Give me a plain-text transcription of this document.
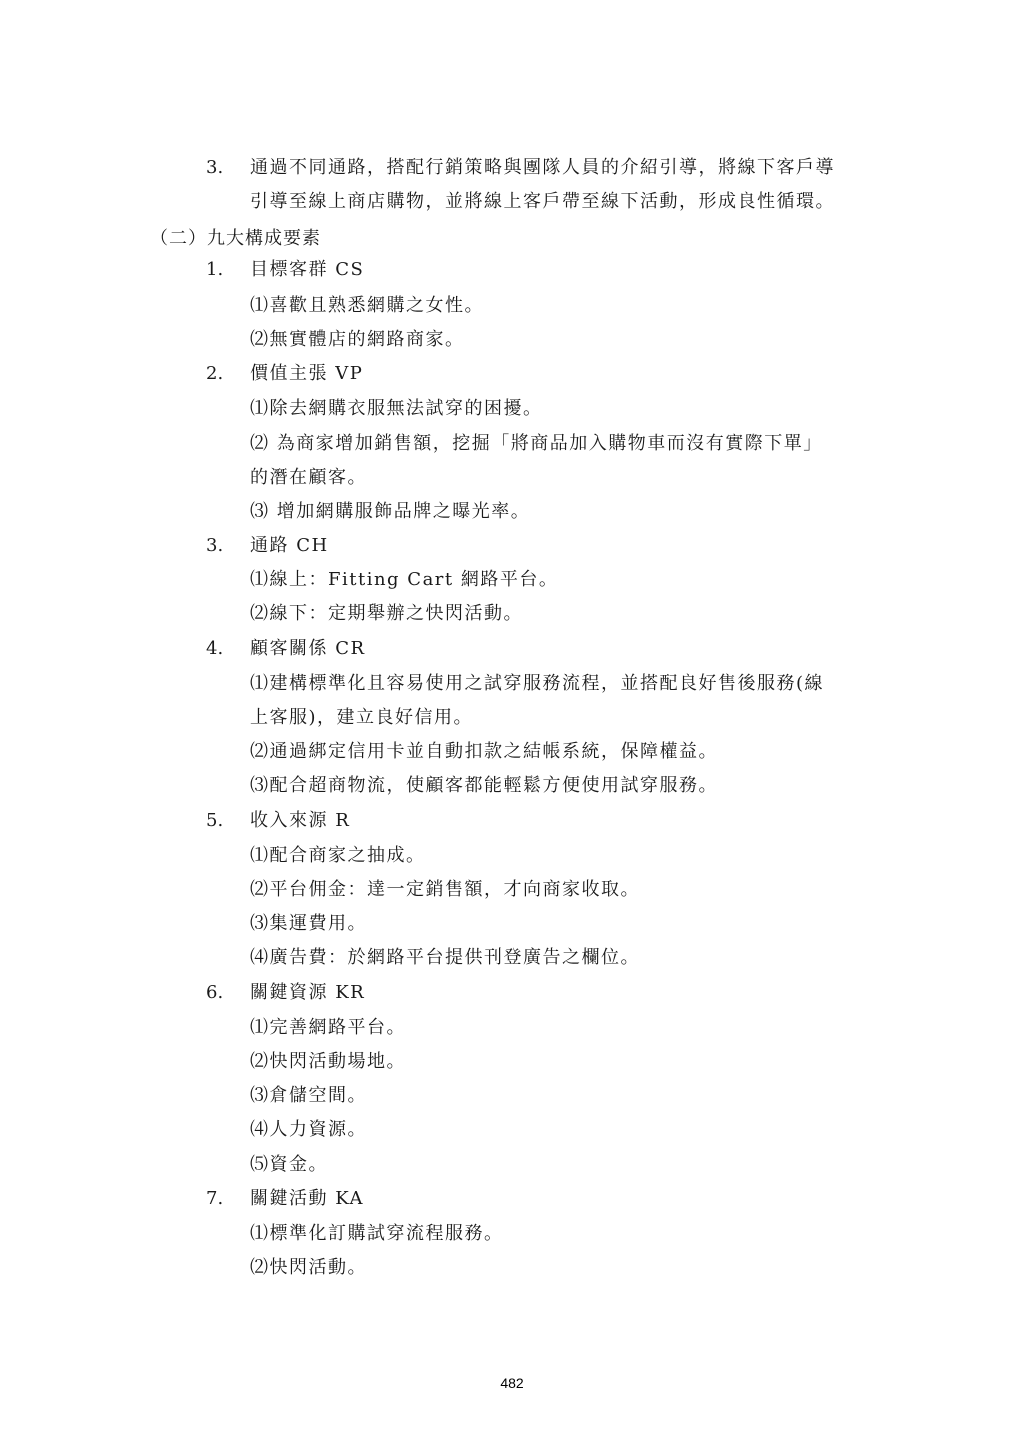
3. 通過不同通路，搭配行銷策略與團隊人員的介紹引導，將線下客戶導
引導至線上商店購物，並將線上客戶帶至線下活動，形成良性循環。
（二）九大構成要素
1. 目標客群 CS
⑴喜歡且熟悉網購之女性。
⑵無實體店的網路商家。
2. 價值主張 VP
⑴除去網購衣服無法試穿的困擾。
⑵ 為商家增加銷售額，挖掘「將商品加入購物車而沒有實際下單」
的潛在顧客。
⑶ 增加網購服飾品牌之曝光率。
3. 通路 CH
⑴線上：Fitting Cart 網路平台。
⑵線下：定期舉辦之快閃活動。
4. 顧客關係 CR
⑴建構標準化且容易使用之試穿服務流程，並搭配良好售後服務(線
上客服)，建立良好信用。
⑵通過綁定信用卡並自動扣款之結帳系統，保障權益。
⑶配合超商物流，使顧客都能輕鬆方便使用試穿服務。
5. 收入來源 R
⑴配合商家之抽成。
⑵平台佣金：達一定銷售額，才向商家收取。
⑶集運費用。
⑷廣告費：於網路平台提供刊登廣告之欄位。
6. 關鍵資源 KR
⑴完善網路平台。
⑵快閃活動場地。
⑶倉儲空間。
⑷人力資源。
⑸資金。
7. 關鍵活動 KA
⑴標準化訂購試穿流程服務。
⑵快閃活動。
482
